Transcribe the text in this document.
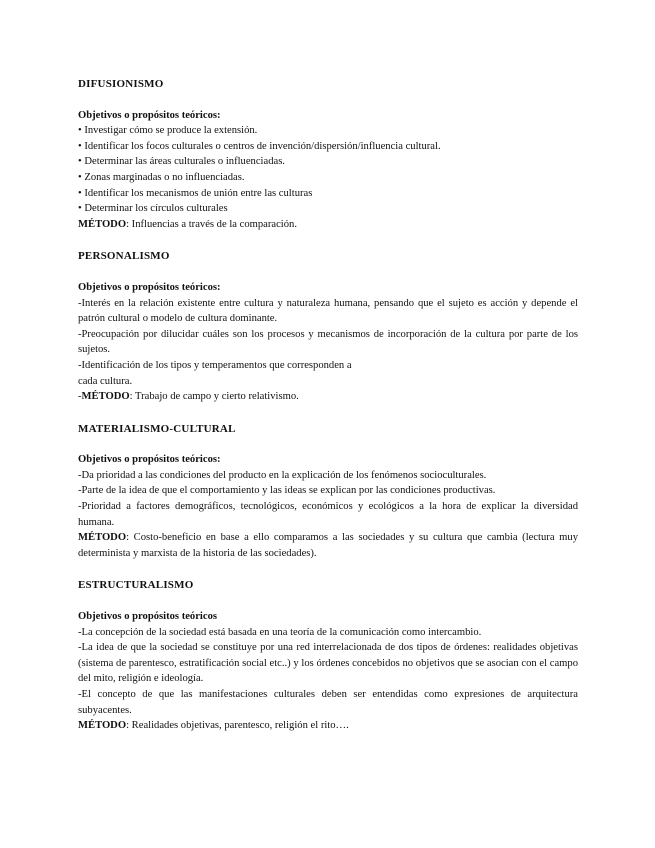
DIFUSIONISMO

Objetivos o propósitos teóricos:

• Investigar cómo se produce la extensión.

• Identificar los focos culturales o centros de invención/dispersión/influencia cultural.

• Determinar las áreas culturales o influenciadas.

• Zonas marginadas o no influenciadas.

• Identificar los mecanismos de unión entre las culturas

• Determinar los círculos culturales

MÉTODO: Influencias a través de la comparación.

PERSONALISMO

Objetivos o propósitos teóricos:

-Interés en la relación existente entre cultura y naturaleza humana, pensando que el sujeto es acción y depende el patrón cultural o modelo de cultura dominante.

-Preocupación por dilucidar cuáles son los procesos y mecanismos de incorporación de la cultura por parte de los sujetos.

-Identificación de los tipos y temperamentos que corresponden a

cada cultura.

-MÉTODO: Trabajo de campo y cierto relativismo.

MATERIALISMO-CULTURAL

Objetivos o propósitos teóricos:

-Da prioridad a las condiciones del producto en la explicación de los fenómenos socioculturales.

-Parte de la idea de que el comportamiento y las ideas se explican por las condiciones productivas.

-Prioridad a factores demográficos, tecnológicos, económicos y ecológicos a la hora de explicar la diversidad humana.

MÉTODO: Costo-beneficio en base a ello comparamos a las sociedades y su cultura que cambia (lectura muy determinista y marxista de la historia de las sociedades).

ESTRUCTURALISMO

Objetivos o propósitos teóricos

-La concepción de la sociedad está basada en una teoría de la comunicación como intercambio.

-La idea de que la sociedad se constituye por una red interrelacionada de dos tipos de órdenes: realidades objetivas (sistema de parentesco, estratificación social etc..) y los órdenes concebidos no objetivos que se asocian con el campo del mito, religión e ideología.

-El concepto de que las manifestaciones culturales deben ser entendidas como expresiones de arquitectura subyacentes.

MÉTODO: Realidades objetivas, parentesco, religión el rito….
